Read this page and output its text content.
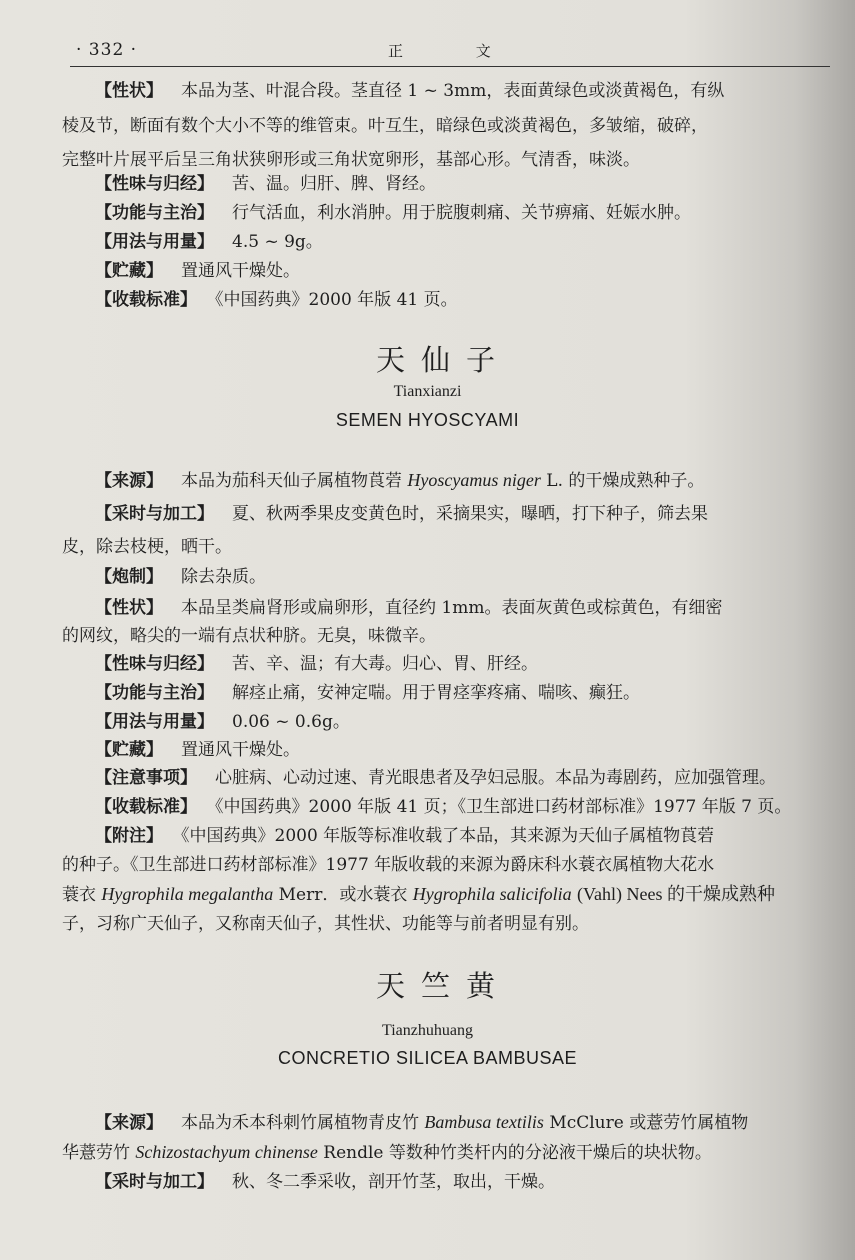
· 332 ·	正 文
【性状】 本品为茎、叶混合段。茎直径 1 ~ 3mm，表面黄绿色或淡黄褐色，有纵
棱及节，断面有数个大小不等的维管束。叶互生，暗绿色或淡黄褐色，多皱缩，破碎，
完整叶片展平后呈三角状狭卵形或三角状宽卵形，基部心形。气清香，味淡。
【性味与归经】 苦、温。归肝、脾、肾经。
【功能与主治】 行气活血，利水消肿。用于脘腹刺痛、关节痹痛、妊娠水肿。
【用法与用量】 4.5 ~ 9g。
【贮藏】 置通风干燥处。
【收载标准】 《中国药典》2000 年版 41 页。
天仙子
Tianxianzi
SEMEN HYOSCYAMI
【来源】 本品为茄科天仙子属植物莨菪 Hyoscyamus niger L. 的干燥成熟种子。
【采时与加工】 夏、秋两季果皮变黄色时，采摘果实，曝晒，打下种子，筛去果
皮，除去枝梗，晒干。
【炮制】 除去杂质。
【性状】 本品呈类扁肾形或扁卵形，直径约 1mm。表面灰黄色或棕黄色，有细密
的网纹，略尖的一端有点状种脐。无臭，味微辛。
【性味与归经】 苦、辛、温；有大毒。归心、胃、肝经。
【功能与主治】 解痉止痛，安神定喘。用于胃痉挛疼痛、喘咳、癫狂。
【用法与用量】 0.06 ~ 0.6g。
【贮藏】 置通风干燥处。
【注意事项】 心脏病、心动过速、青光眼患者及孕妇忌服。本品为毒剧药，应加强管理。
【收载标准】 《中国药典》2000 年版 41 页；《卫生部进口药材部标准》1977 年版 7 页。
【附注】 《中国药典》2000 年版等标准收载了本品，其来源为天仙子属植物莨菪
的种子。《卫生部进口药材部标准》1977 年版收载的来源为爵床科水蓑衣属植物大花水
蓑衣 Hygrophila megalantha Merr．或水蓑衣 Hygrophila salicifolia (Vahl) Nees 的干燥成熟种
子，习称广天仙子，又称南天仙子，其性状、功能等与前者明显有别。
天竺黄
Tianzhuhuang
CONCRETIO SILICEA BAMBUSAE
【来源】 本品为禾本科刺竹属植物青皮竹 Bambusa textilis McClure 或薏劳竹属植物
华薏劳竹 Schizostachyum chinense Rendle 等数种竹类杆内的分泌液干燥后的块状物。
【采时与加工】 秋、冬二季采收，剖开竹茎，取出，干燥。
